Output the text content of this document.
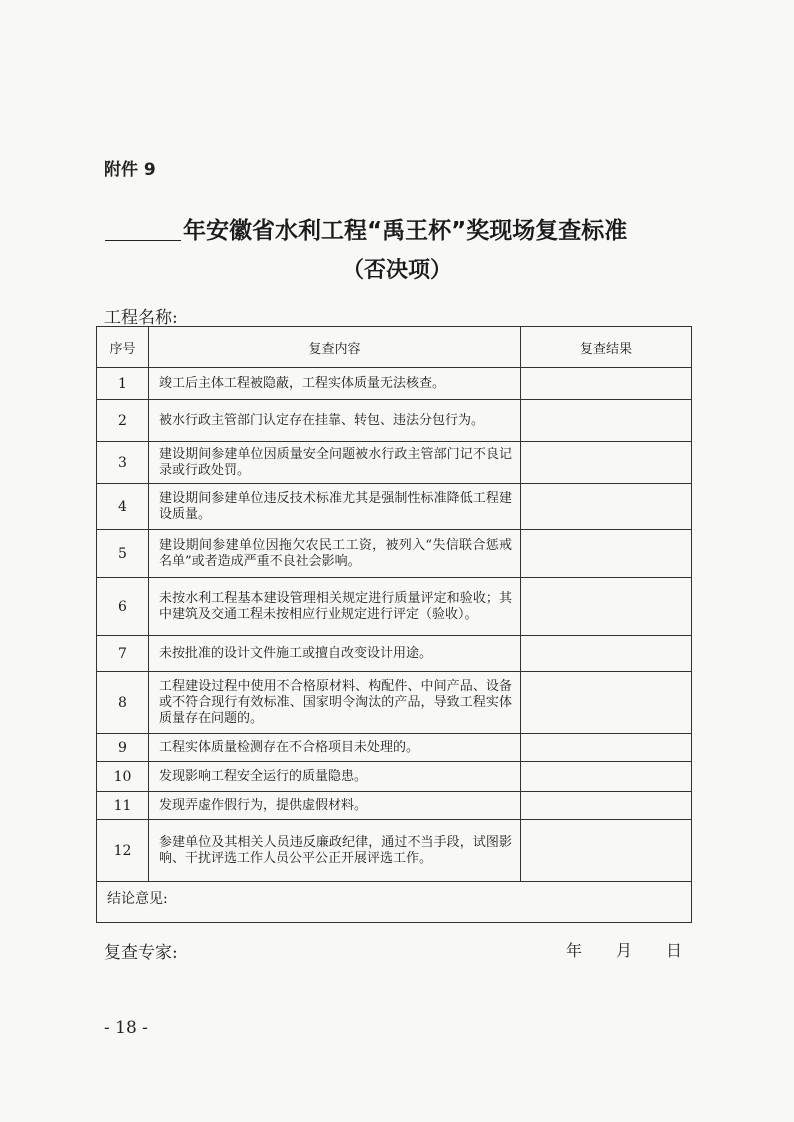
附件 9
年安徽省水利工程“禹王杯”奖现场复查标准
（否决项）
工程名称:
序号	复查内容	复查结果
1	竣工后主体工程被隐蔽，工程实体质量无法核查。	
2	被水行政主管部门认定存在挂靠、转包、违法分包行为。	
3	建设期间参建单位因质量安全问题被水行政主管部门记不良记录或行政处罚。	
4	建设期间参建单位违反技术标准尤其是强制性标准降低工程建设质量。	
5	建设期间参建单位因拖欠农民工工资，被列入“失信联合惩戒名单”或者造成严重不良社会影响。	
6	未按水利工程基本建设管理相关规定进行质量评定和验收；其中建筑及交通工程未按相应行业规定进行评定（验收）。	
7	未按批准的设计文件施工或擅自改变设计用途。	
8	工程建设过程中使用不合格原材料、构配件、中间产品、设备或不符合现行有效标准、国家明令淘汰的产品，导致工程实体质量存在问题的。	
9	工程实体质量检测存在不合格项目未处理的。	
10	发现影响工程安全运行的质量隐患。	
11	发现弄虚作假行为，提供虚假材料。	
12	参建单位及其相关人员违反廉政纪律，通过不当手段，试图影响、干扰评选工作人员公平公正开展评选工作。	
结论意见:		
复查专家:	年 月 日
- 18 -
